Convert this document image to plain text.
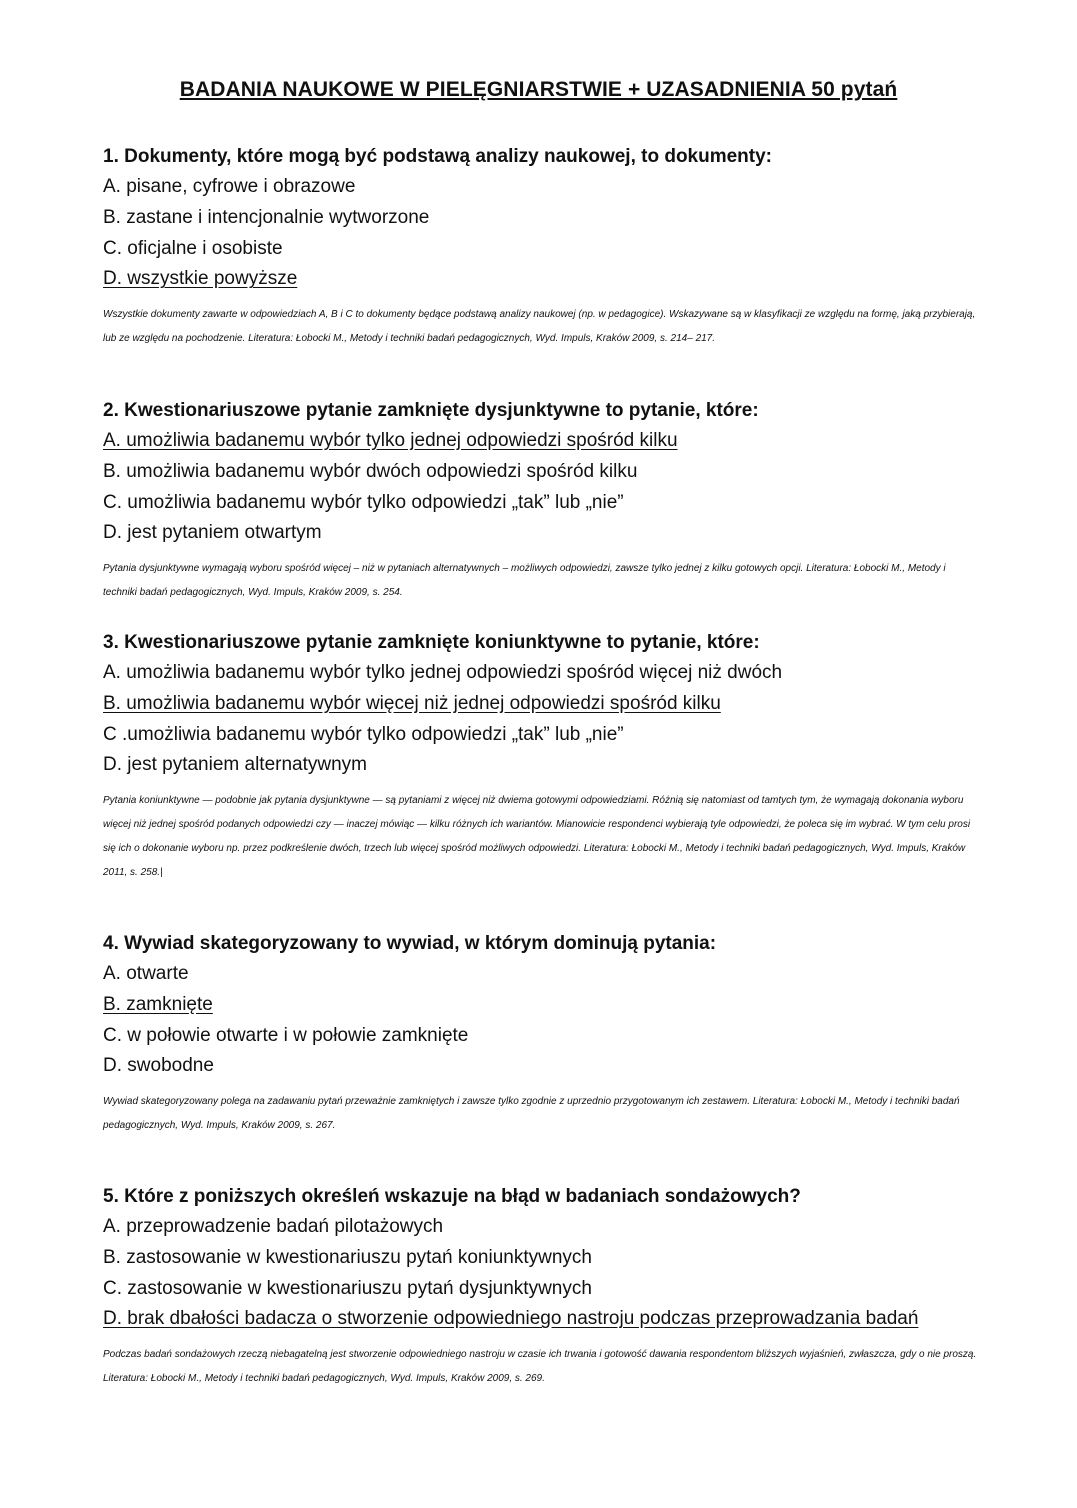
BADANIA NAUKOWE W PIELĘGNIARSTWIE + UZASADNIENIA 50 pytań
1. Dokumenty, które mogą być podstawą analizy naukowej, to dokumenty:
A. pisane, cyfrowe i obrazowe
B. zastane i intencjonalnie wytworzone
C. oficjalne i osobiste
D. wszystkie powyższe
Wszystkie dokumenty zawarte w odpowiedziach A, B i C to dokumenty będące podstawą analizy naukowej (np. w pedagogice). Wskazywane są w klasyfikacji ze względu na formę, jaką przybierają, lub ze względu na pochodzenie. Literatura: Łobocki M., Metody i techniki badań pedagogicznych, Wyd. Impuls, Kraków 2009, s. 214– 217.
2. Kwestionariuszowe pytanie zamknięte dysjunktywne to pytanie, które:
A. umożliwia badanemu wybór tylko jednej odpowiedzi spośród kilku
B. umożliwia badanemu wybór dwóch odpowiedzi spośród kilku
C. umożliwia badanemu wybór tylko odpowiedzi „tak” lub „nie”
D. jest pytaniem otwartym
Pytania dysjunktywne wymagają wyboru spośród więcej – niż w pytaniach alternatywnych – możliwych odpowiedzi, zawsze tylko jednej z kilku gotowych opcji. Literatura: Łobocki M., Metody i techniki badań pedagogicznych, Wyd. Impuls, Kraków 2009, s. 254.
3. Kwestionariuszowe pytanie zamknięte koniunktywne to pytanie, które:
A. umożliwia badanemu wybór tylko jednej odpowiedzi spośród więcej niż dwóch
B. umożliwia badanemu wybór więcej niż jednej odpowiedzi spośród kilku
C .umożliwia badanemu wybór tylko odpowiedzi „tak” lub „nie”
D. jest pytaniem alternatywnym
Pytania koniunktywne — podobnie jak pytania dysjunktywne — są pytaniami z więcej niż dwiema gotowymi odpowiedziami. Różnią się natomiast od tamtych tym, że wymagają dokonania wyboru więcej niż jednej spośród podanych odpowiedzi czy — inaczej mówiąc — kilku różnych ich wariantów. Mianowicie respondenci wybierają tyle odpowiedzi, że poleca się im wybrać. W tym celu prosi się ich o dokonanie wyboru np. przez podkreślenie dwóch, trzech lub więcej spośród możliwych odpowiedzi. Literatura: Łobocki M., Metody i techniki badań pedagogicznych, Wyd. Impuls, Kraków 2011, s. 258.|
4. Wywiad skategoryzowany to wywiad, w którym dominują pytania:
A. otwarte
B. zamknięte
C. w połowie otwarte i w połowie zamknięte
D. swobodne
Wywiad skategoryzowany polega na zadawaniu pytań przeważnie zamkniętych i zawsze tylko zgodnie z uprzednio przygotowanym ich zestawem. Literatura: Łobocki M., Metody i techniki badań pedagogicznych, Wyd. Impuls, Kraków 2009, s. 267.
5. Które z poniższych określeń wskazuje na błąd w badaniach sondażowych?
A. przeprowadzenie badań pilotażowych
B. zastosowanie w kwestionariuszu pytań koniunktywnych
C. zastosowanie w kwestionariuszu pytań dysjunktywnych
D. brak dbałości badacza o stworzenie odpowiedniego nastroju podczas przeprowadzania badań
Podczas badań sondażowych rzeczą niebagatelną jest stworzenie odpowiedniego nastroju w czasie ich trwania i gotowość dawania respondentom bliższych wyjaśnień, zwłaszcza, gdy o nie proszą. Literatura: Łobocki M., Metody i techniki badań pedagogicznych, Wyd. Impuls, Kraków 2009, s. 269.
